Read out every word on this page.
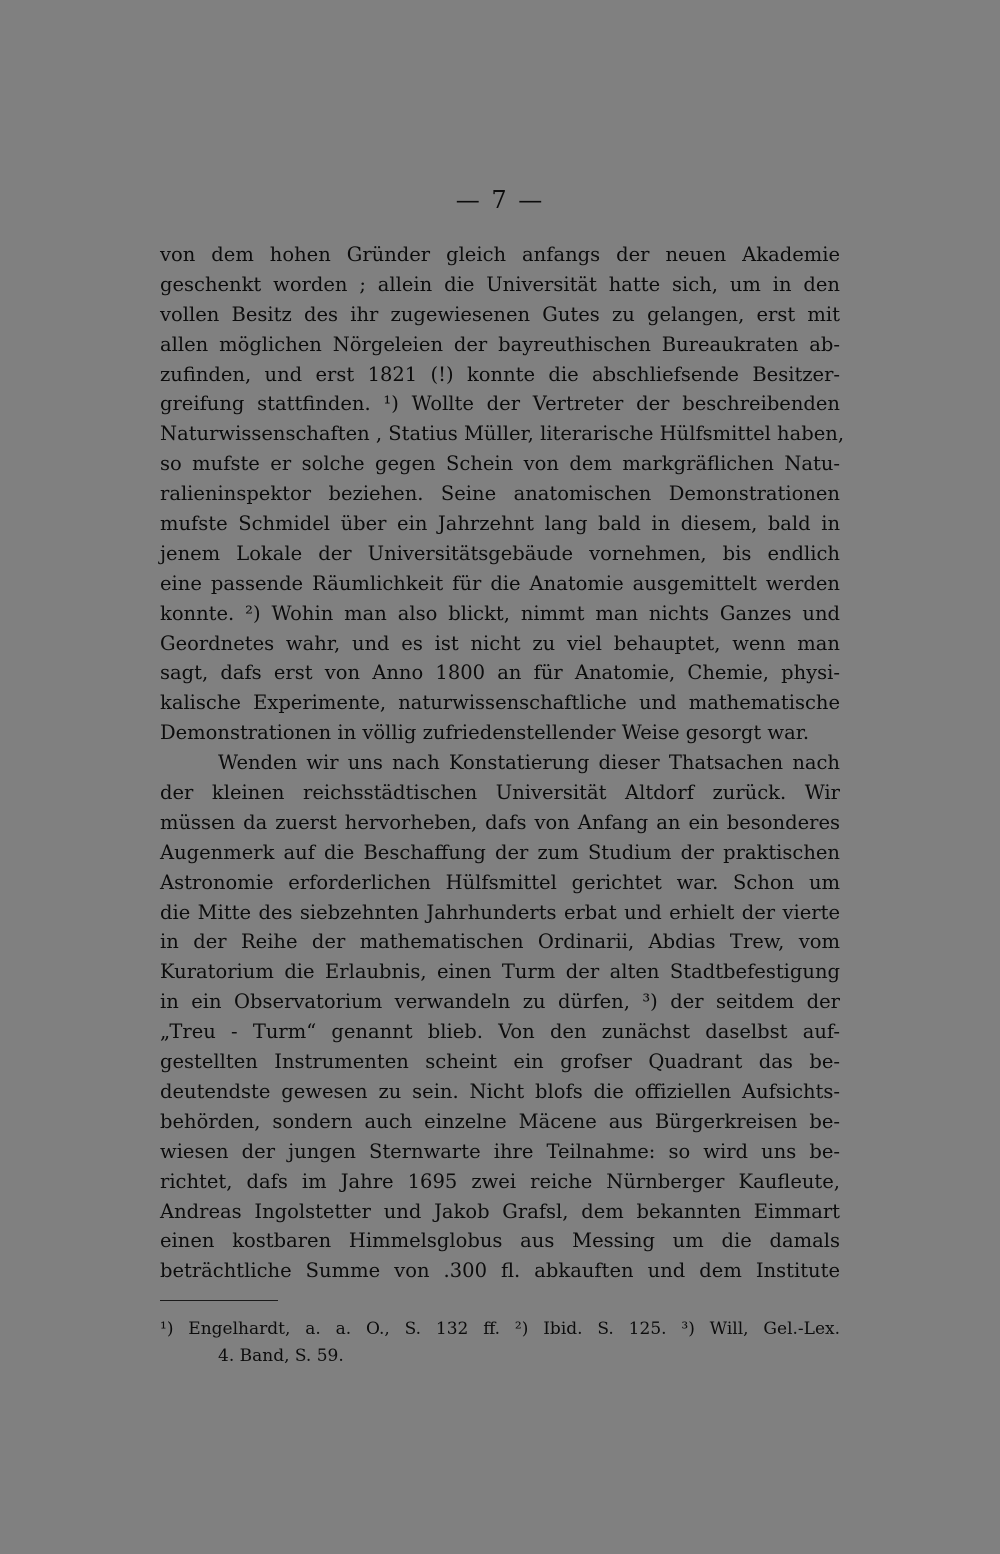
— 7 —
von dem hohen Gründer gleich anfangs der neuen Akademie
geschenkt worden ; allein die Universität hatte sich, um in den
vollen Besitz des ihr zugewiesenen Gutes zu gelangen, erst mit
allen möglichen Nörgeleien der bayreuthischen Bureaukraten ab-
zufinden, und erst 1821 (!) konnte die abschliefsende Besitzer-
greifung stattfinden. ¹) Wollte der Vertreter der beschreibenden
Naturwissenschaften , Statius Müller, literarische Hülfsmittel haben,
so mufste er solche gegen Schein von dem markgräflichen Natu-
ralieninspektor beziehen. Seine anatomischen Demonstrationen
mufste Schmidel über ein Jahrzehnt lang bald in diesem, bald in
jenem Lokale der Universitätsgebäude vornehmen, bis endlich
eine passende Räumlichkeit für die Anatomie ausgemittelt werden
konnte. ²) Wohin man also blickt, nimmt man nichts Ganzes und
Geordnetes wahr, und es ist nicht zu viel behauptet, wenn man
sagt, dafs erst von Anno 1800 an für Anatomie, Chemie, physi-
kalische Experimente, naturwissenschaftliche und mathematische
Demonstrationen in völlig zufriedenstellender Weise gesorgt war.
Wenden wir uns nach Konstatierung dieser Thatsachen nach
der kleinen reichsstädtischen Universität Altdorf zurück. Wir
müssen da zuerst hervorheben, dafs von Anfang an ein besonderes
Augenmerk auf die Beschaffung der zum Studium der praktischen
Astronomie erforderlichen Hülfsmittel gerichtet war. Schon um
die Mitte des siebzehnten Jahrhunderts erbat und erhielt der vierte
in der Reihe der mathematischen Ordinarii, Abdias Trew, vom
Kuratorium die Erlaubnis, einen Turm der alten Stadtbefestigung
in ein Observatorium verwandeln zu dürfen, ³) der seitdem der
„Treu - Turm“ genannt blieb. Von den zunächst daselbst auf-
gestellten Instrumenten scheint ein grofser Quadrant das be-
deutendste gewesen zu sein. Nicht blofs die offiziellen Aufsichts-
behörden, sondern auch einzelne Mäcene aus Bürgerkreisen be-
wiesen der jungen Sternwarte ihre Teilnahme: so wird uns be-
richtet, dafs im Jahre 1695 zwei reiche Nürnberger Kaufleute,
Andreas Ingolstetter und Jakob Grafsl, dem bekannten Eimmart
einen kostbaren Himmelsglobus aus Messing um die damals
beträchtliche Summe von .300 fl. abkauften und dem Institute
¹) Engelhardt, a. a. O., S. 132 ff. ²) Ibid. S. 125. ³) Will, Gel.-Lex.
4. Band, S. 59.
